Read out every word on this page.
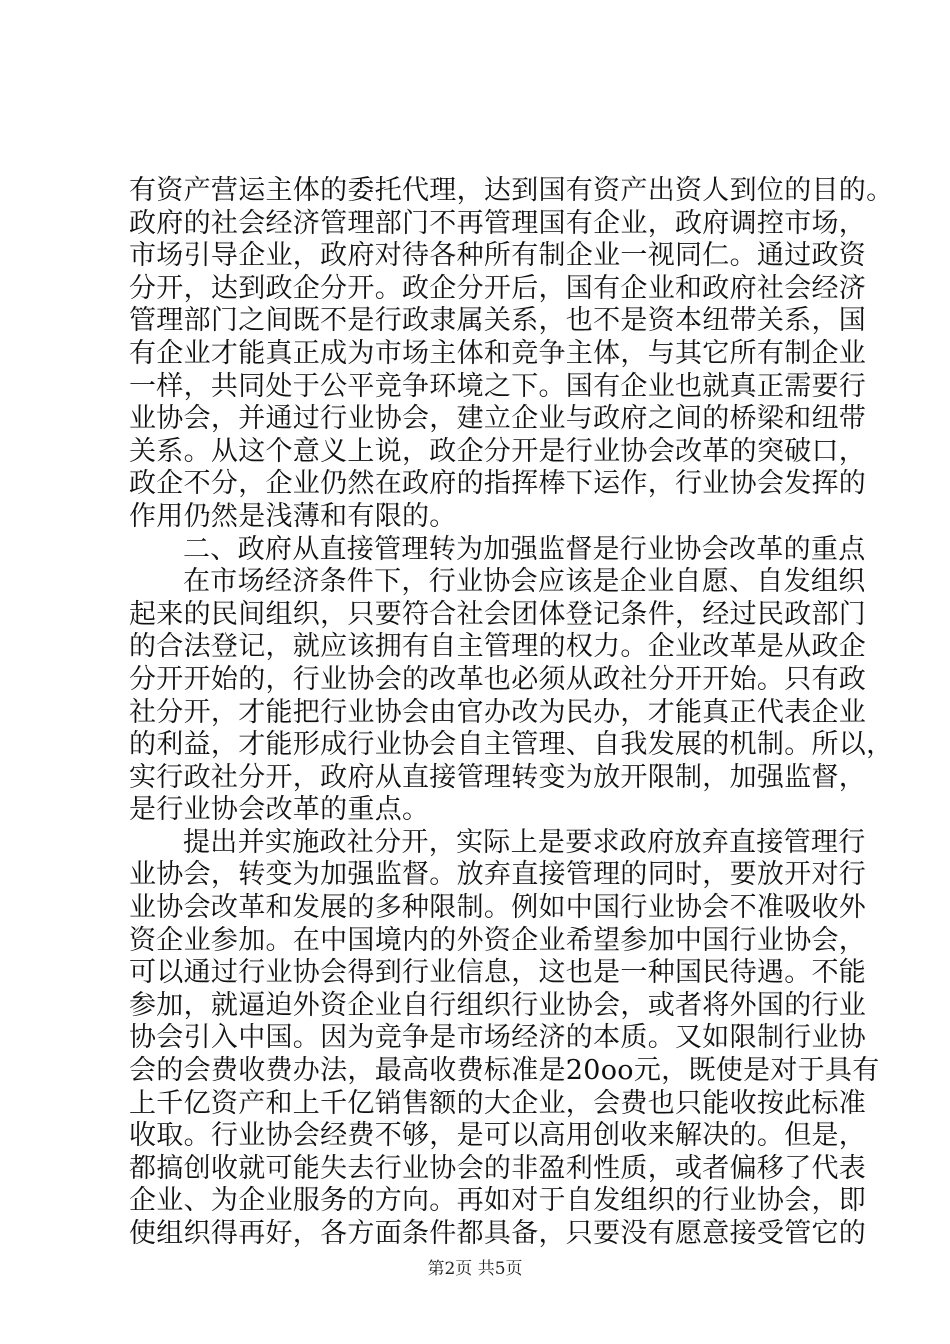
有资产营运主体的委托代理，达到国有资产出资人到位的目的。
政府的社会经济管理部门不再管理国有企业，政府调控市场，
市场引导企业，政府对待各种所有制企业一视同仁。通过政资
分开，达到政企分开。政企分开后，国有企业和政府社会经济
管理部门之间既不是行政隶属关系，也不是资本纽带关系，国
有企业才能真正成为市场主体和竞争主体，与其它所有制企业
一样，共同处于公平竞争环境之下。国有企业也就真正需要行
业协会，并通过行业协会，建立企业与政府之间的桥梁和纽带
关系。从这个意义上说，政企分开是行业协会改革的突破口，
政企不分，企业仍然在政府的指挥棒下运作，行业协会发挥的
作用仍然是浅薄和有限的。
二、政府从直接管理转为加强监督是行业协会改革的重点
在市场经济条件下，行业协会应该是企业自愿、自发组织
起来的民间组织，只要符合社会团体登记条件，经过民政部门
的合法登记，就应该拥有自主管理的权力。企业改革是从政企
分开开始的，行业协会的改革也必须从政社分开开始。只有政
社分开，才能把行业协会由官办改为民办，才能真正代表企业
的利益，才能形成行业协会自主管理、自我发展的机制。所以，
实行政社分开，政府从直接管理转变为放开限制，加强监督，
是行业协会改革的重点。
提出并实施政社分开，实际上是要求政府放弃直接管理行
业协会，转变为加强监督。放弃直接管理的同时，要放开对行
业协会改革和发展的多种限制。例如中国行业协会不准吸收外
资企业参加。在中国境内的外资企业希望参加中国行业协会，
可以通过行业协会得到行业信息，这也是一种国民待遇。不能
参加，就逼迫外资企业自行组织行业协会，或者将外国的行业
协会引入中国。因为竞争是市场经济的本质。又如限制行业协
会的会费收费办法，最高收费标准是20oo元，既使是对于具有
上千亿资产和上千亿销售额的大企业，会费也只能收按此标准
收取。行业协会经费不够，是可以高用创收来解决的。但是，
都搞创收就可能失去行业协会的非盈利性质，或者偏移了代表
企业、为企业服务的方向。再如对于自发组织的行业协会，即
使组织得再好，各方面条件都具备，只要没有愿意接受管它的
第2页 共5页
